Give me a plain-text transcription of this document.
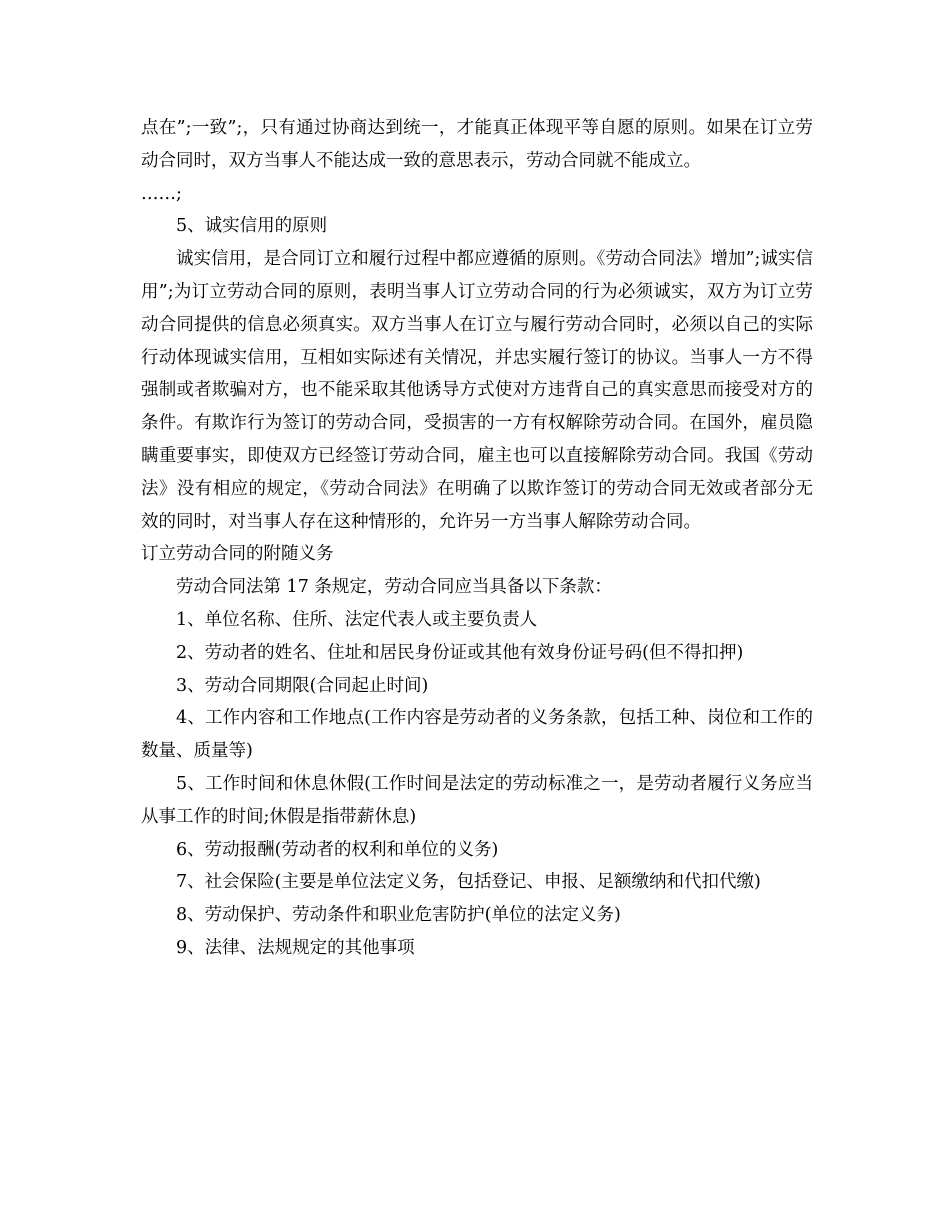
点在”;一致”;，只有通过协商达到统一，才能真正体现平等自愿的原则。如果在订立劳动合同时，双方当事人不能达成一致的意思表示，劳动合同就不能成立。

……;

5、诚实信用的原则

诚实信用，是合同订立和履行过程中都应遵循的原则。《劳动合同法》增加”;诚实信用”;为订立劳动合同的原则，表明当事人订立劳动合同的行为必须诚实，双方为订立劳动合同提供的信息必须真实。双方当事人在订立与履行劳动合同时，必须以自己的实际行动体现诚实信用，互相如实际述有关情况，并忠实履行签订的协议。当事人一方不得强制或者欺骗对方，也不能采取其他诱导方式使对方违背自己的真实意思而接受对方的条件。有欺诈行为签订的劳动合同，受损害的一方有权解除劳动合同。在国外，雇员隐瞒重要事实，即使双方已经签订劳动合同，雇主也可以直接解除劳动合同。我国《劳动法》没有相应的规定，《劳动合同法》在明确了以欺诈签订的劳动合同无效或者部分无效的同时，对当事人存在这种情形的，允许另一方当事人解除劳动合同。

订立劳动合同的附随义务

劳动合同法第 17 条规定，劳动合同应当具备以下条款：

1、单位名称、住所、法定代表人或主要负责人

2、劳动者的姓名、住址和居民身份证或其他有效身份证号码(但不得扣押)

3、劳动合同期限(合同起止时间)

4、工作内容和工作地点(工作内容是劳动者的义务条款，包括工种、岗位和工作的数量、质量等)

5、工作时间和休息休假(工作时间是法定的劳动标准之一，是劳动者履行义务应当从事工作的时间;休假是指带薪休息)

6、劳动报酬(劳动者的权利和单位的义务)

7、社会保险(主要是单位法定义务，包括登记、申报、足额缴纳和代扣代缴)

8、劳动保护、劳动条件和职业危害防护(单位的法定义务)

9、法律、法规规定的其他事项
